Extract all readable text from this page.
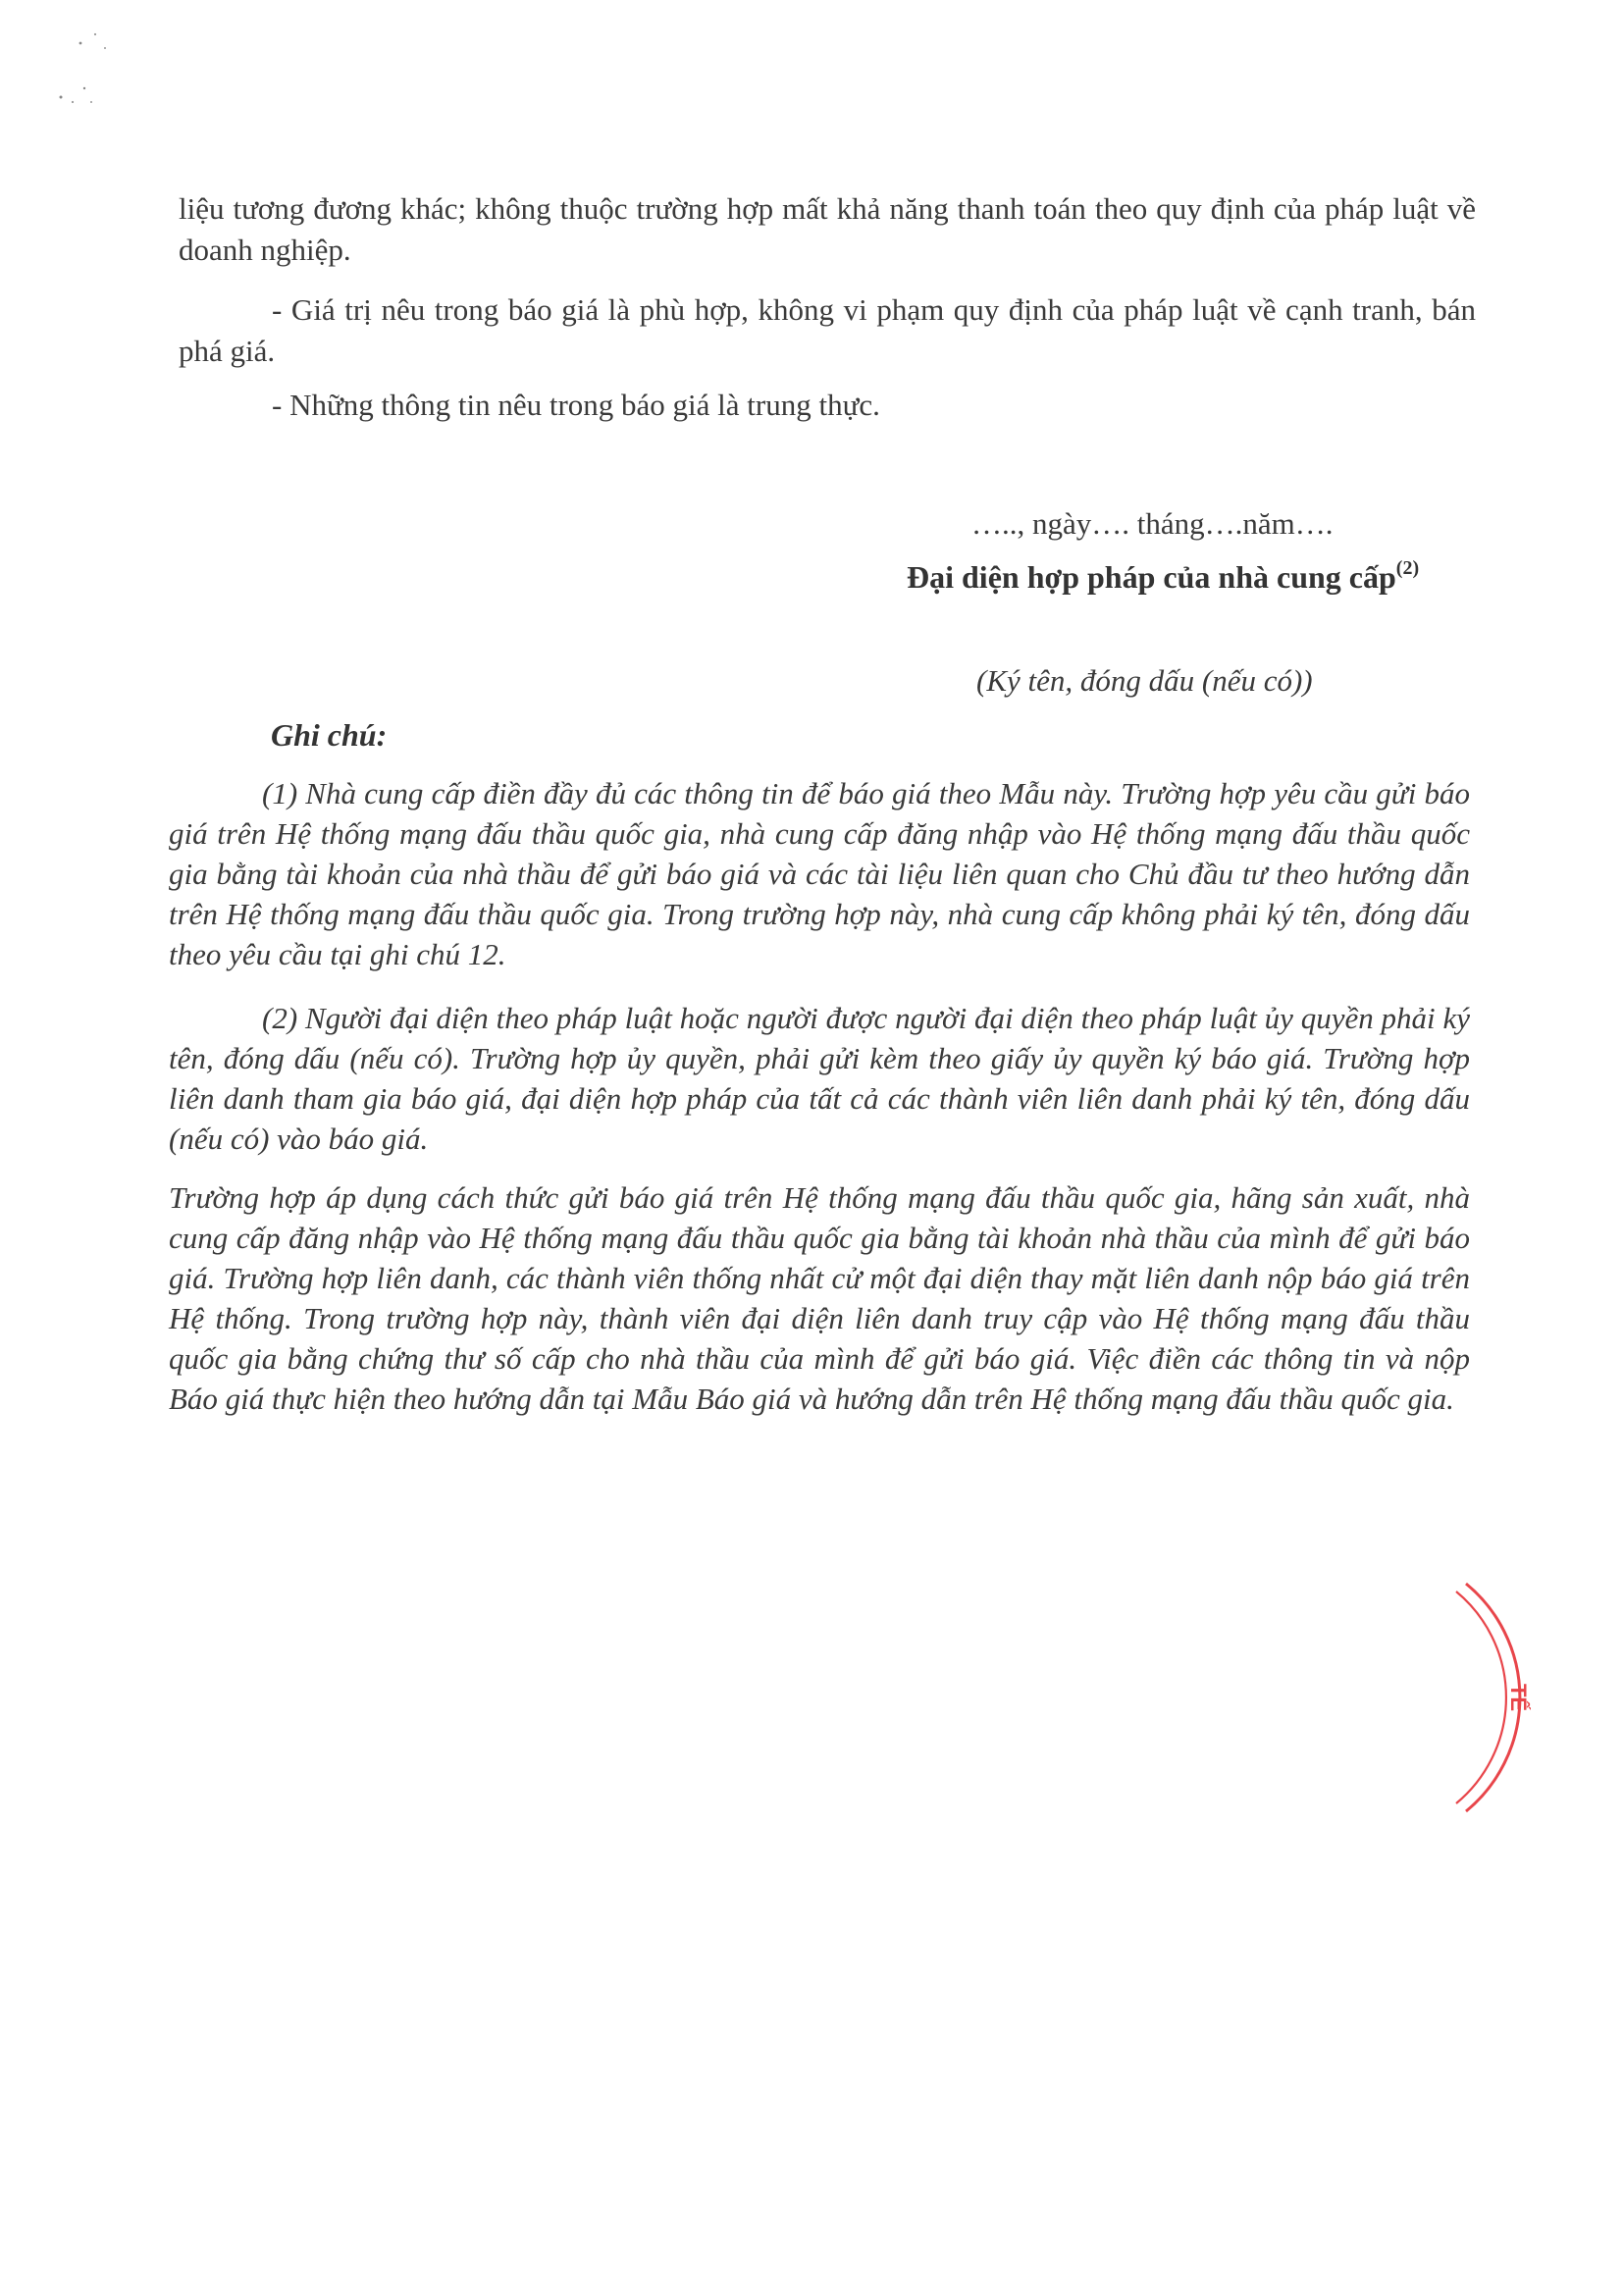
liệu tương đương khác; không thuộc trường hợp mất khả năng thanh toán theo quy định của pháp luật về doanh nghiệp.

- Giá trị nêu trong báo giá là phù hợp, không vi phạm quy định của pháp luật về cạnh tranh, bán phá giá.

- Những thông tin nêu trong báo giá là trung thực.

….., ngày…. tháng….năm….
Đại diện hợp pháp của nhà cung cấp$^{(2)}$
(Ký tên, đóng dấu (nếu có))
Ghi chú:

(1) Nhà cung cấp điền đầy đủ các thông tin để báo giá theo Mẫu này. Trường hợp yêu cầu gửi báo giá trên Hệ thống mạng đấu thầu quốc gia, nhà cung cấp đăng nhập vào Hệ thống mạng đấu thầu quốc gia bằng tài khoản của nhà thầu để gửi báo giá và các tài liệu liên quan cho Chủ đầu tư theo hướng dẫn trên Hệ thống mạng đấu thầu quốc gia. Trong trường hợp này, nhà cung cấp không phải ký tên, đóng dấu theo yêu cầu tại ghi chú 12.

(2) Người đại diện theo pháp luật hoặc người được người đại diện theo pháp luật ủy quyền phải ký tên, đóng dấu (nếu có). Trường hợp ủy quyền, phải gửi kèm theo giấy ủy quyền ký báo giá. Trường hợp liên danh tham gia báo giá, đại diện hợp pháp của tất cả các thành viên liên danh phải ký tên, đóng dấu (nếu có) vào báo giá.

Trường hợp áp dụng cách thức gửi báo giá trên Hệ thống mạng đấu thầu quốc gia, hãng sản xuất, nhà cung cấp đăng nhập vào Hệ thống mạng đấu thầu quốc gia bằng tài khoản nhà thầu của mình để gửi báo giá. Trường hợp liên danh, các thành viên thống nhất cử một đại diện thay mặt liên danh nộp báo giá trên Hệ thống. Trong trường hợp này, thành viên đại diện liên danh truy cập vào Hệ thống mạng đấu thầu quốc gia bằng chứng thư số cấp cho nhà thầu của mình để gửi báo giá. Việc điền các thông tin và nộp Báo giá thực hiện theo hướng dẫn tại Mẫu Báo giá và hướng dẫn trên Hệ thống mạng đấu thầu quốc gia.

TẾ
